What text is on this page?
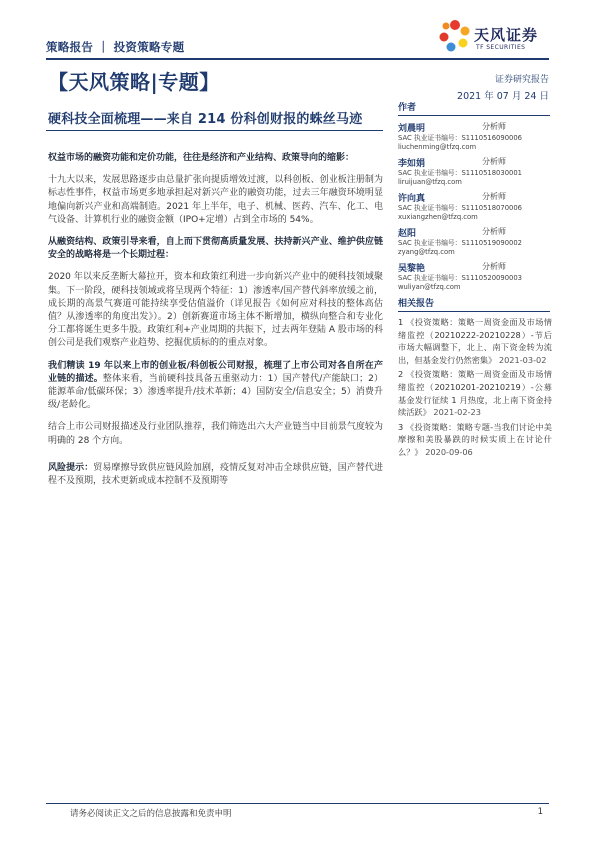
策略报告 ｜ 投资策略专题
天风证券
TF SECURITIES
【天风策略|专题】	证券研究报告
2021 年 07 月 24 日
硬科技全面梳理——来自 214 份科创财报的蛛丝马迹

权益市场的融资功能和定价功能，往往是经济和产业结构、政策导向的缩影：

十九大以来，发展思路逐步由总量扩张向提质增效过渡，以科创板、创业板注册制为标志性事件，权益市场更多地承担起对新兴产业的融资功能，过去三年融资环境明显地偏向新兴产业和高端制造。2021 年上半年，电子、机械、医药、汽车、化工、电气设备、计算机行业的融资金额（IPO+定增）占到全市场的 54%。

从融资结构、政策引导来看，自上而下贯彻高质量发展、扶持新兴产业、维护供应链安全的战略将是一个长期过程：

2020 年以来反垄断大幕拉开，资本和政策红利进一步向新兴产业中的硬科技领域聚集。下一阶段，硬科技领域或将呈现两个特征：1）渗透率/国产替代斜率放缓之前，成长期的高景气赛道可能持续享受估值溢价（详见报告《如何应对科技的整体高估值？从渗透率的角度出发》）。2）创新赛道市场主体不断增加，横纵向整合和专业化分工都将诞生更多牛股。政策红利+产业周期的共振下，过去两年登陆 A 股市场的科创公司是我们观察产业趋势、挖掘优质标的的重点对象。

我们精读 19 年以来上市的创业板/科创板公司财报，梳理了上市公司对各自所在产业链的描述。整体来看，当前硬科技具备五重驱动力：1）国产替代/产能缺口；2）能源革命/低碳环保；3）渗透率提升/技术革新；4）国防安全/信息安全；5）消费升级/老龄化。

结合上市公司财报描述及行业团队推荐，我们筛选出六大产业链当中目前景气度较为明确的 28 个方向。

风险提示：贸易摩擦导致供应链风险加剧，疫情反复对冲击全球供应链，国产替代进程不及预期，技术更新或成本控制不及预期等

作者
刘晨明	分析师
SAC 执业证书编号：S1110516090006
liuchenming@tfzq.com
李如娟	分析师
SAC 执业证书编号：S1110518030001
liruijuan@tfzq.com
许向真	分析师
SAC 执业证书编号：S1110518070006
xuxiangzhen@tfzq.com
赵阳	分析师
SAC 执业证书编号：S1110519090002
zyang@tfzq.com
吴黎艳	分析师
SAC 执业证书编号：S1110520090003
wuliyan@tfzq.com
相关报告
1 《投资策略：策略一周资金面及市场情绪监控（20210222-20210228）-节后市场大幅调整下，北上、南下资金转为流出，但基金发行仍然密集》 2021-03-02
2 《投资策略：策略一周资金面及市场情绪监控（20210201-20210219）-公募基金发行征续 1 月热度，北上南下资金持续活跃》 2021-02-23
3 《投资策略：策略专题-当我们讨论中美摩擦和美股暴跌的时候实质上在讨论什么？》 2020-09-06
请务必阅读正文之后的信息披露和免责申明	1
